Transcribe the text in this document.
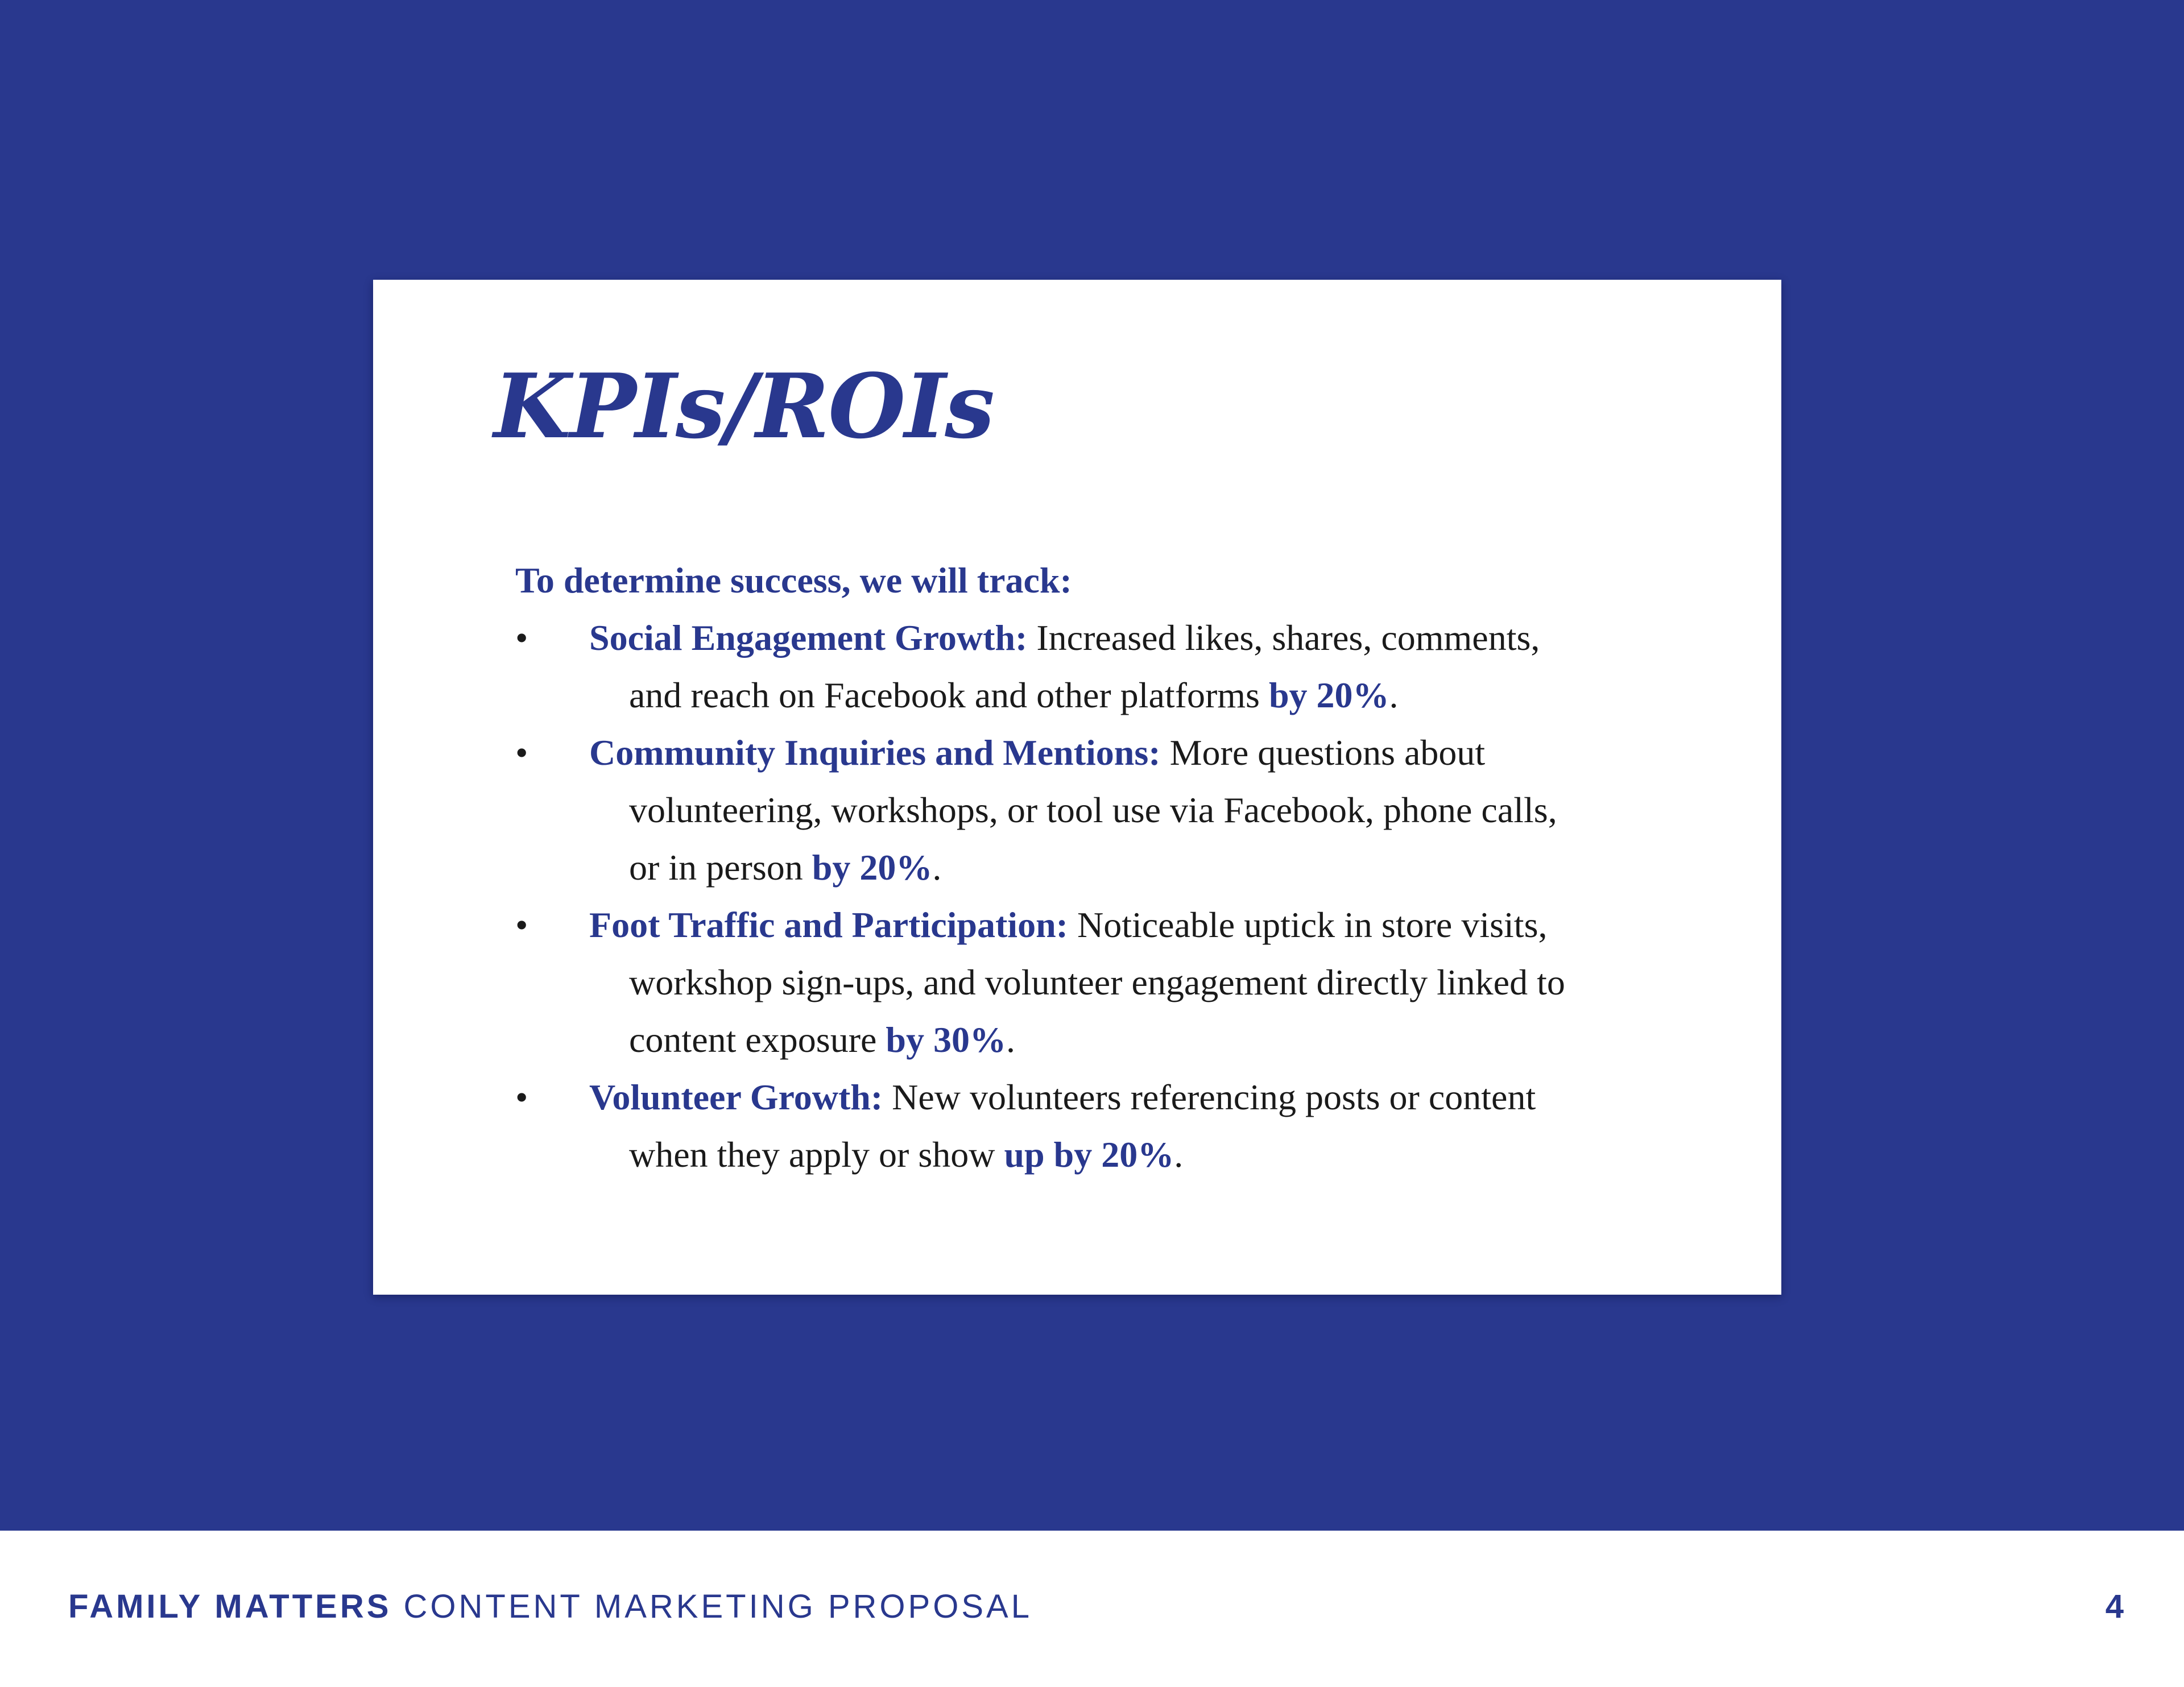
KPIs/ROIs
To determine success, we will track:
•	Social Engagement Growth: Increased likes, shares, comments,
and reach on Facebook and other platforms by 20%.
•	Community Inquiries and Mentions: More questions about
volunteering, workshops, or tool use via Facebook, phone calls,
or in person by 20%.
•	Foot Traffic and Participation: Noticeable uptick in store visits,
workshop sign-ups, and volunteer engagement directly linked to
content exposure by 30%.
•	Volunteer Growth: New volunteers referencing posts or content
when they apply or show up by 20%.
FAMILY MATTERS CONTENT MARKETING PROPOSAL	4
